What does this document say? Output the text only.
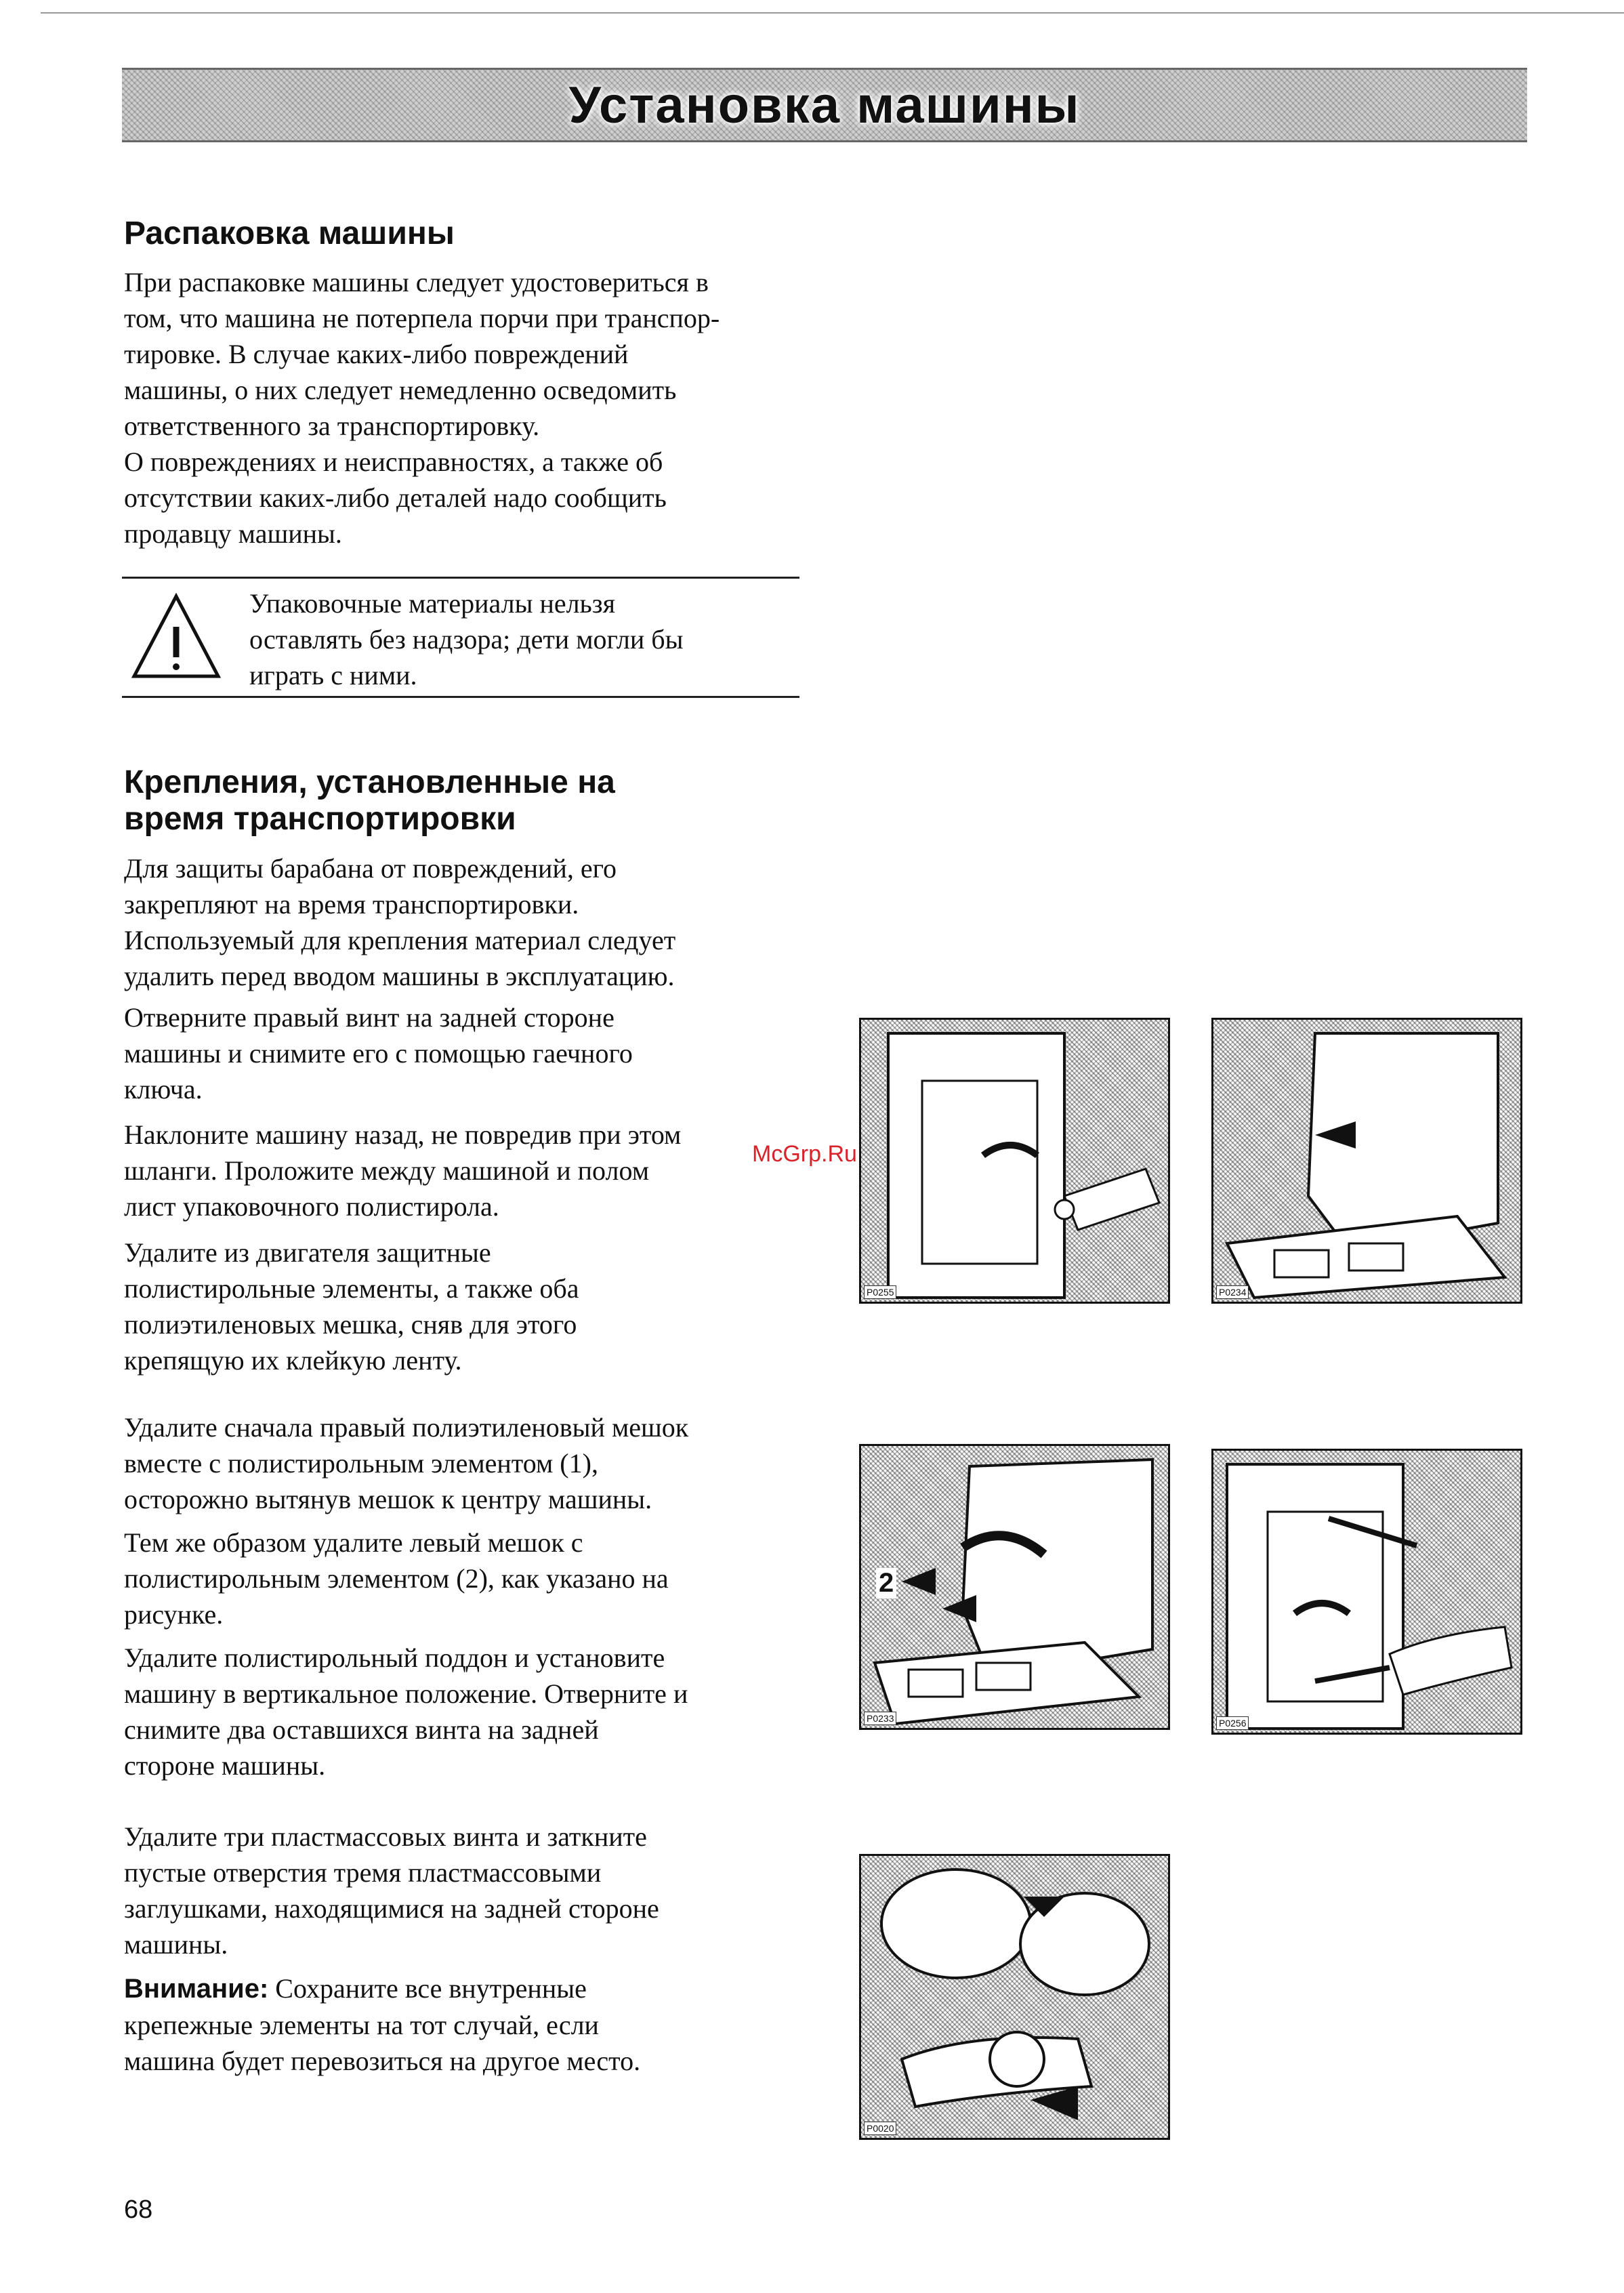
Установка машины
Распаковка машины
При распаковке машины следует удостовериться в
том, что машина не потерпела порчи при транспор-
тировке. В случае каких-либо повреждений
машины, о них следует немедленно осведомить
ответственного за транспортировку.
О повреждениях и неисправностях, а также об
отсутствии каких-либо деталей надо сообщить
продавцу машины.
Упаковочные материалы нельзя
оставлять без надзора; дети могли бы
играть с ними.
Крепления, установленные на
время транспортировки
Для защиты барабана от повреждений, его
закрепляют на время транспортировки.
Используемый для крепления материал следует
удалить перед вводом машины в эксплуатацию.
Отверните правый винт на задней стороне
машины и снимите его с помощью гаечного
ключа.
Наклоните машину назад, не повредив при этом
шланги. Проложите между машиной и полом
лист упаковочного полистирола.
Удалите из двигателя защитные
полистирольные элементы, а также оба
полиэтиленовых мешка, сняв для этого
крепящую их клейкую ленту.
Удалите сначала правый полиэтиленовый мешок
вместе с полистирольным элементом (1),
осторожно вытянув мешок к центру машины.
Тем же образом удалите левый мешок с
полистирольным элементом (2), как указано на
рисунке.
Удалите полистирольный поддон и установите
машину в вертикальное положение. Отверните и
снимите два оставшихся винта на задней
стороне машины.
Удалите три пластмассовых винта и заткните
пустые отверстия тремя пластмассовыми
заглушками, находящимися на задней стороне
машины.
Внимание: Сохраните все внутренные
крепежные элементы на тот случай, если
машина будет перевозиться на другое место.
P0255	P0234
2
P0233	P0256
P0020
McGrp.Ru
68
